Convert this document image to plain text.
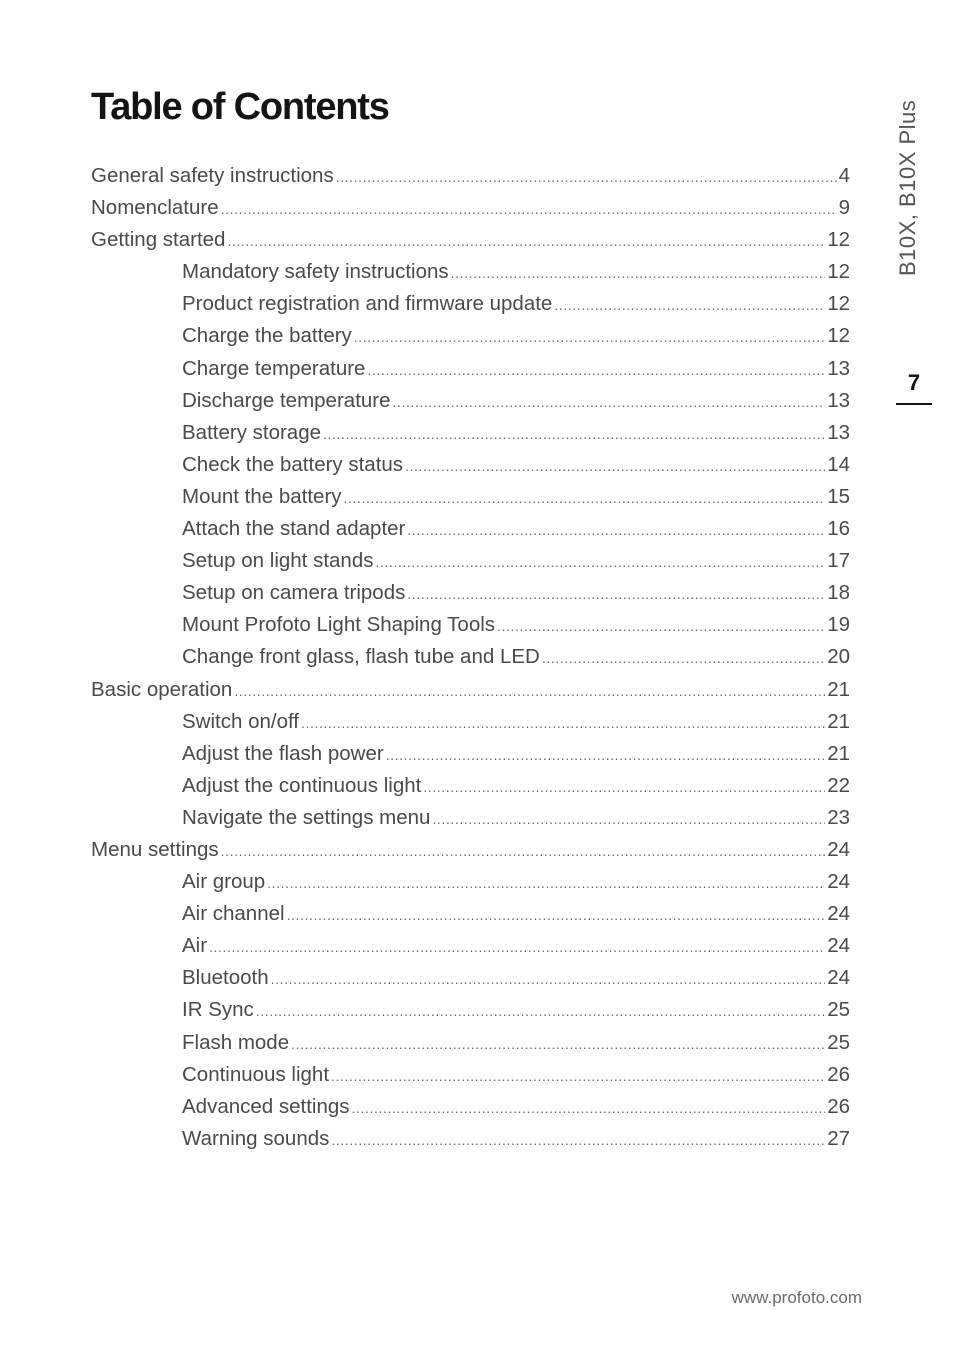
Table of Contents
General safety instructions .....	4
Nomenclature .....	9
Getting started .....	12
Mandatory safety instructions .....	12
Product registration and firmware update .....	12
Charge the battery .....	12
Charge temperature .....	13
Discharge temperature .....	13
Battery storage .....	13
Check the battery status .....	14
Mount the battery .....	15
Attach the stand adapter .....	16
Setup on light stands .....	17
Setup on camera tripods .....	18
Mount Profoto Light Shaping Tools .....	19
Change front glass, flash tube and LED .....	20
Basic operation .....	21
Switch on/off .....	21
Adjust the flash power .....	21
Adjust the continuous light .....	22
Navigate the settings menu .....	23
Menu settings .....	24
Air group .....	24
Air channel .....	24
Air .....	24
Bluetooth .....	24
IR Sync .....	25
Flash mode .....	25
Continuous light .....	26
Advanced settings .....	26
Warning sounds .....	27
B10X, B10X Plus
7
www.profoto.com
